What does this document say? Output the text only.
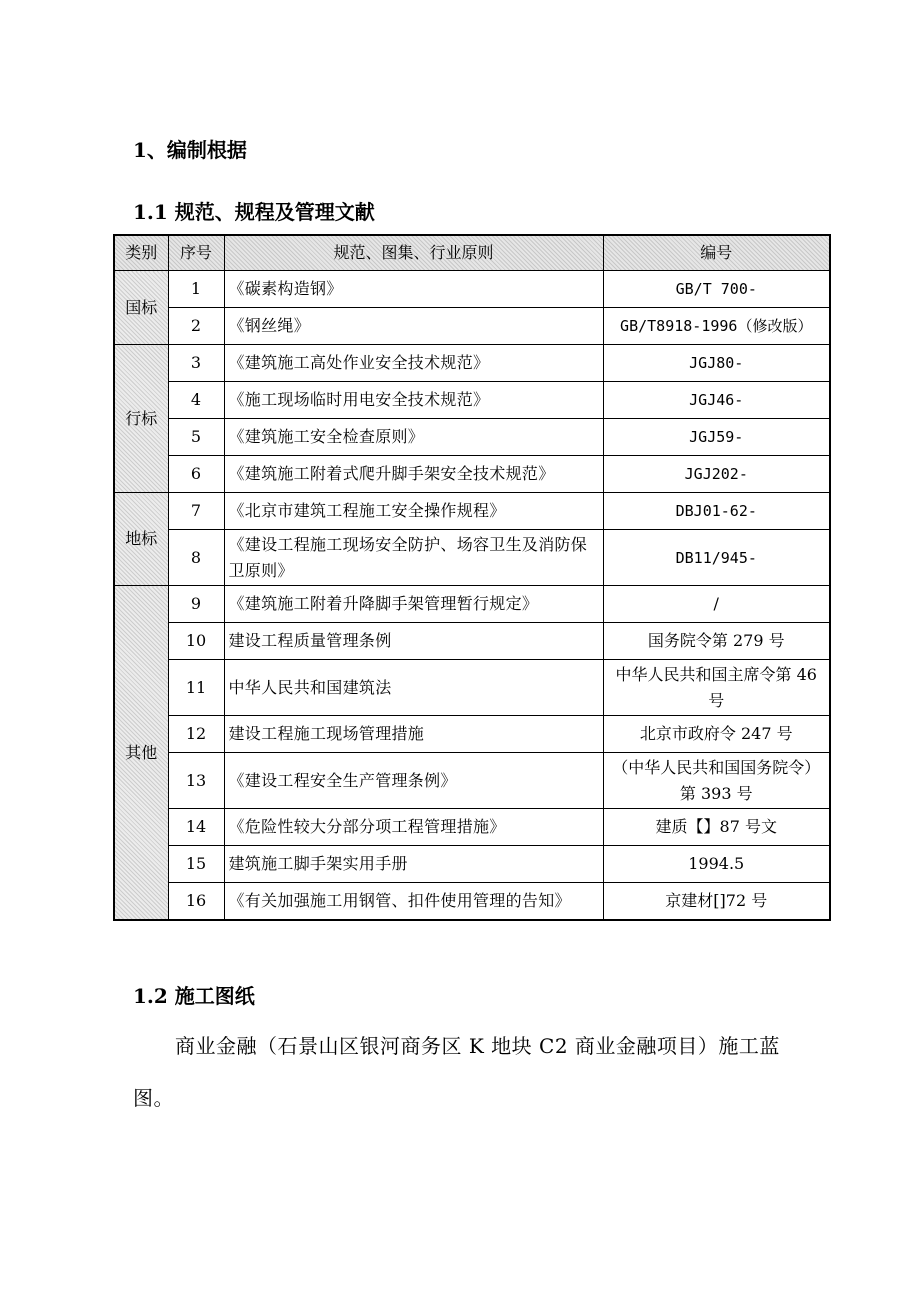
1、编制根据
1.1 规范、规程及管理文献
类别	序号	规范、图集、行业原则	编号
国标	1	《碳素构造钢》	GB/T 700-
	2	《钢丝绳》	GB/T8918-1996（修改版）
行标	3	《建筑施工高处作业安全技术规范》	JGJ80-
	4	《施工现场临时用电安全技术规范》	JGJ46-
	5	《建筑施工安全检查原则》	JGJ59-
	6	《建筑施工附着式爬升脚手架安全技术规范》	JGJ202-
地标	7	《北京市建筑工程施工安全操作规程》	DBJ01-62-
	8	《建设工程施工现场安全防护、场容卫生及消防保卫原则》	DB11/945-
其他	9	《建筑施工附着升降脚手架管理暂行规定》	/
	10	建设工程质量管理条例	国务院令第 279 号
	11	中华人民共和国建筑法	中华人民共和国主席令第 46 号
	12	建设工程施工现场管理措施	北京市政府令 247 号
	13	《建设工程安全生产管理条例》	（中华人民共和国国务院令）第 393 号
	14	《危险性较大分部分项工程管理措施》	建质【】87 号文
	15	建筑施工脚手架实用手册	1994.5
	16	《有关加强施工用钢管、扣件使用管理的告知》	京建材[]72 号
1.2 施工图纸
商业金融（石景山区银河商务区 K 地块 C2 商业金融项目）施工蓝图。
